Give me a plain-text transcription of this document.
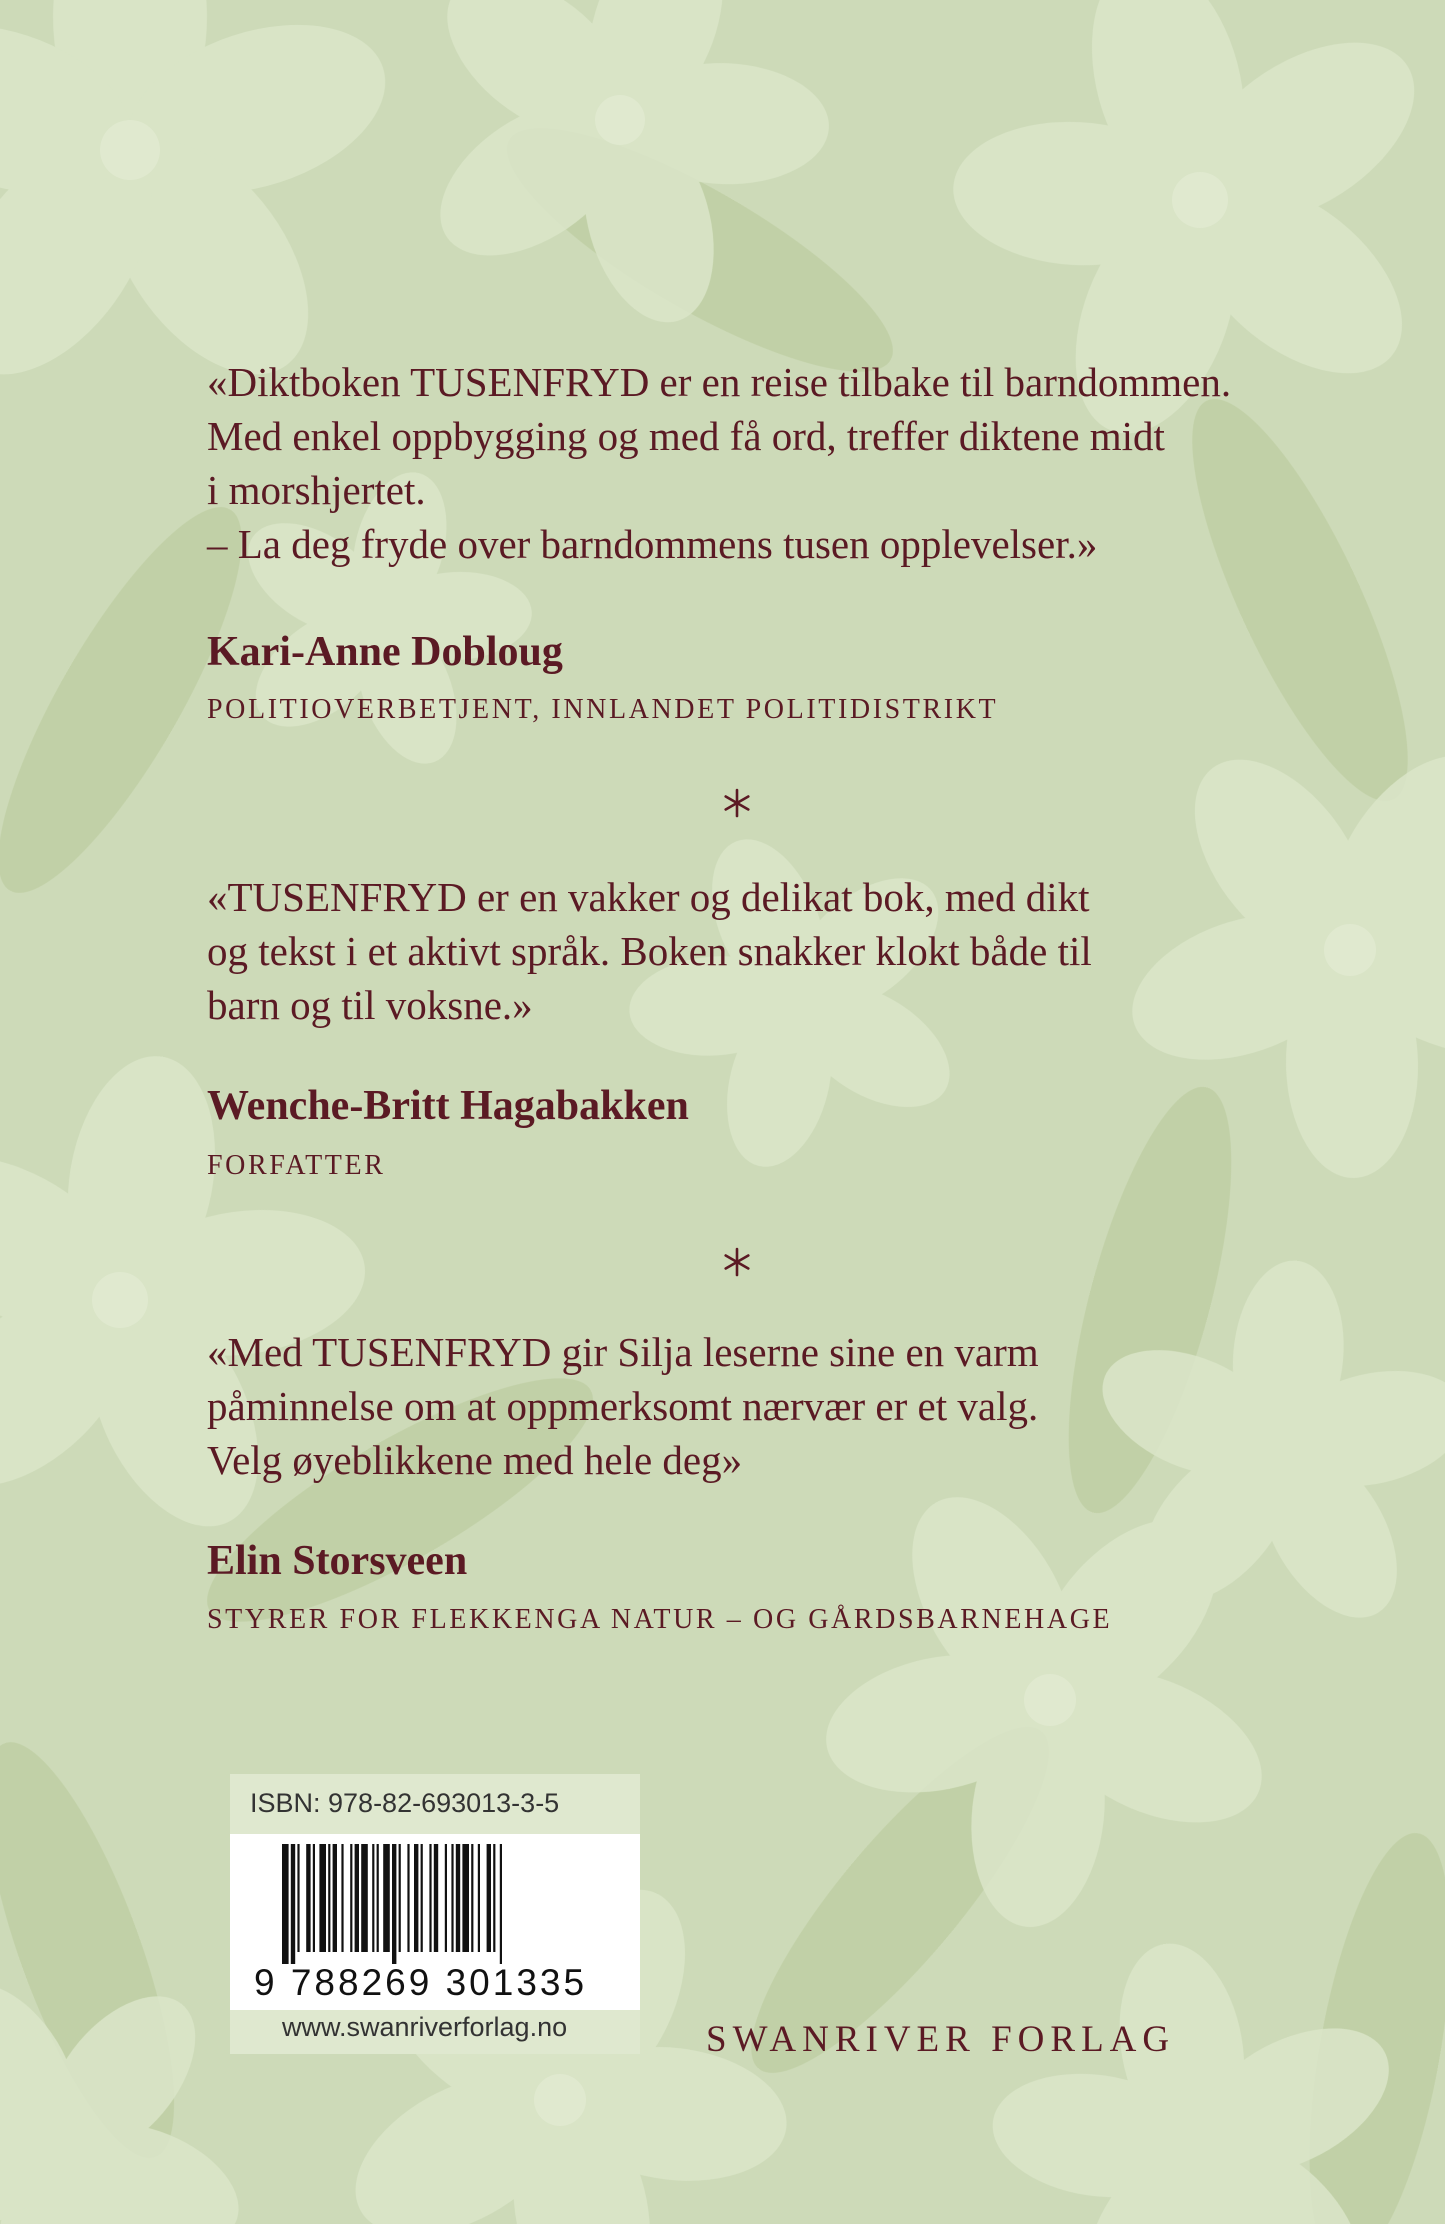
«Diktboken TUSENFRYD er en reise tilbake til barndommen.
Med enkel oppbygging og med få ord, treffer diktene midt
i morshjertet.
– La deg fryde over barndommens tusen opplevelser.»

Kari-Anne Dobloug

POLITIOVERBETJENT, INNLANDET POLITIDISTRIKT

«TUSENFRYD er en vakker og delikat bok, med dikt
og tekst i et aktivt språk. Boken snakker klokt både til
barn og til voksne.»

Wenche-Britt Hagabakken

FORFATTER

«Med TUSENFRYD gir Silja leserne sine en varm
påminnelse om at oppmerksomt nærvær er et valg.
Velg øyeblikkene med hele deg»

Elin Storsveen

STYRER FOR FLEKKENGA NATUR – OG GÅRDSBARNEHAGE

ISBN: 978-82-693013-3-5
9 788269 301335
www.swanriverforlag.no	SWANRIVER FORLAG
